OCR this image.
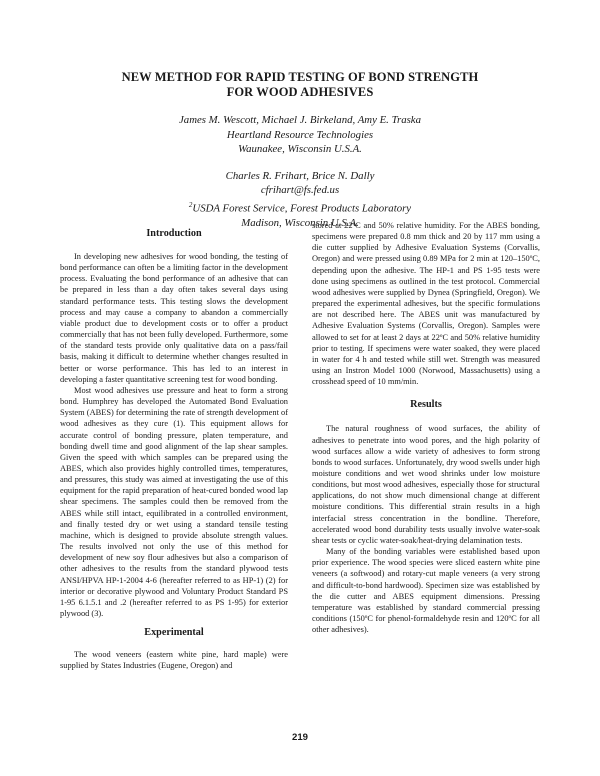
NEW METHOD FOR RAPID TESTING OF BOND STRENGTH
FOR WOOD ADHESIVES
James M. Wescott, Michael J. Birkeland, Amy E. Traska
Heartland Resource Technologies
Waunakee, Wisconsin U.S.A.
Charles R. Frihart, Brice N. Dally
cfrihart@fs.fed.us
$^2$USDA Forest Service, Forest Products Laboratory
Madison, Wisconsin U.S.A.
Introduction

In developing new adhesives for wood bonding, the testing of bond performance can often be a limiting factor in the development process. Evaluating the bond performance of an adhesive that can be prepared in less than a day often takes several days using standard performance tests. This testing slows the development process and may cause a company to abandon a commercially viable product due to development costs or to offer a product commercially that has not been fully developed. Furthermore, some of the standard tests provide only qualitative data on a pass/fail basis, making it difficult to determine whether changes resulted in better or worse performance. This has led to an interest in developing a faster quantitative screening test for wood bonding.

Most wood adhesives use pressure and heat to form a strong bond. Humphrey has developed the Automated Bond Evaluation System (ABES) for determining the rate of strength development of wood adhesives as they cure (1). This equipment allows for accurate control of bonding pressure, platen temperature, and bonding dwell time and good alignment of the lap shear samples. Given the speed with which samples can be prepared using the ABES, which also provides highly controlled times, temperatures, and pressures, this study was aimed at investigating the use of this equipment for the rapid preparation of heat-cured bonded wood lap shear specimens. The samples could then be removed from the ABES while still intact, equilibrated in a controlled environment, and finally tested dry or wet using a standard tensile testing machine, which is designed to provide absolute strength values. The results involved not only the use of this method for development of new soy flour adhesives but also a comparison of other adhesives to the results from the standard plywood tests ANSI/HPVA HP-1-2004 4-6 (hereafter referred to as HP-1) (2) for interior or decorative plywood and Voluntary Product Standard PS 1-95 6.1.5.1 and .2 (hereafter referred to as PS 1-95) for exterior plywood (3).

Experimental

The wood veneers (eastern white pine, hard maple) were supplied by States Industries (Eugene, Oregon) and

stored at 22ºC and 50% relative humidity. For the ABES bonding, specimens were prepared 0.8 mm thick and 20 by 117 mm using a die cutter supplied by Adhesive Evaluation Systems (Corvallis, Oregon) and were pressed using 0.89 MPa for 2 min at 120–150ºC, depending upon the adhesive. The HP-1 and PS 1-95 tests were done using specimens as outlined in the test protocol. Commercial wood adhesives were supplied by Dynea (Springfield, Oregon). We prepared the experimental adhesives, but the specific formulations are not described here. The ABES unit was manufactured by Adhesive Evaluation Systems (Corvallis, Oregon). Samples were allowed to set for at least 2 days at 22ºC and 50% relative humidity prior to testing. If specimens were water soaked, they were placed in water for 4 h and tested while still wet. Strength was measured using an Instron Model 1000 (Norwood, Massachusetts) using a crosshead speed of 10 mm/min.

Results

The natural roughness of wood surfaces, the ability of adhesives to penetrate into wood pores, and the high polarity of wood surfaces allow a wide variety of adhesives to form strong bonds to wood surfaces. Unfortunately, dry wood swells under high moisture conditions and wet wood shrinks under low moisture conditions, but most wood adhesives, especially those for structural applications, do not show much dimensional change at different moisture conditions. This differential strain results in a high interfacial stress concentration in the bondline. Therefore, accelerated wood bond durability tests usually involve water-soak shear tests or cyclic water-soak/heat-drying delamination tests.

Many of the bonding variables were established based upon prior experience. The wood species were sliced eastern white pine veneers (a softwood) and rotary-cut maple veneers (a very strong and difficult-to-bond hardwood). Specimen size was established by the die cutter and ABES equipment dimensions. Pressing temperature was established by standard commercial pressing conditions (150ºC for phenol-formaldehyde resin and 120ºC for all other adhesives).

219
